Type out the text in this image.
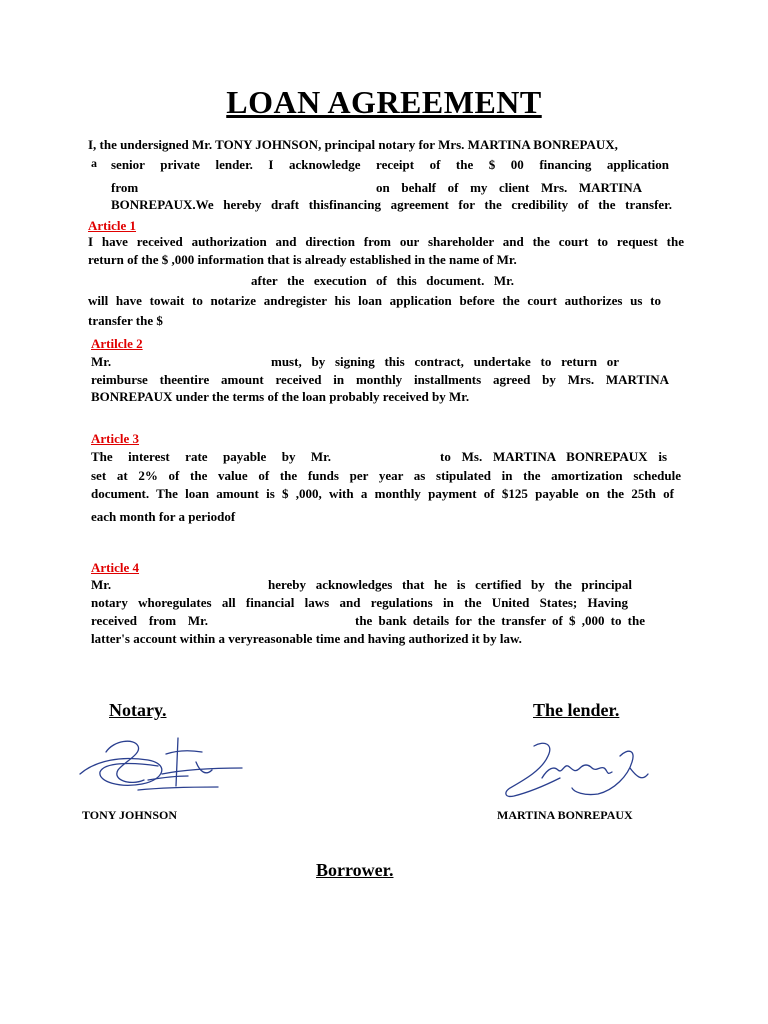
LOAN AGREEMENT
I, the undersigned Mr. TONY JOHNSON, principal notary for Mrs. MARTINA BONREPAUX,
a senior private lender. I acknowledge receipt of the $ 00 financing application
from	on behalf of my client Mrs. MARTINA
BONREPAUX.We hereby draft thisfinancing agreement for the credibility of the transfer.
Article 1
I have received authorization and direction from our shareholder and the court to request the
return of the $ ,000 information that is already established in the name of Mr.
after the execution of this document. Mr.
will have towait to notarize andregister his loan application before the court authorizes us to
transfer the $
Artilcle 2
Mr.	must, by signing this contract, undertake to return or
reimburse theentire amount received in monthly installments agreed by Mrs. MARTINA
BONREPAUX under the terms of the loan probably received by Mr.
Article 3
The interest rate payable by Mr.	to Ms. MARTINA BONREPAUX is
set at 2% of the value of the funds per year as stipulated in the amortization schedule
document. The loan amount is $ ,000, with a monthly payment of $125 payable on the 25th of
each month for a periodof
Article 4
Mr.	hereby acknowledges that he is certified by the principal
notary whoregulates all financial laws and regulations in the United States; Having
received from Mr.	the bank details for the transfer of $ ,000 to the
latter's account within a veryreasonable time and having authorized it by law.
Notary.	The lender.
TONY JOHNSON	MARTINA BONREPAUX
Borrower.
